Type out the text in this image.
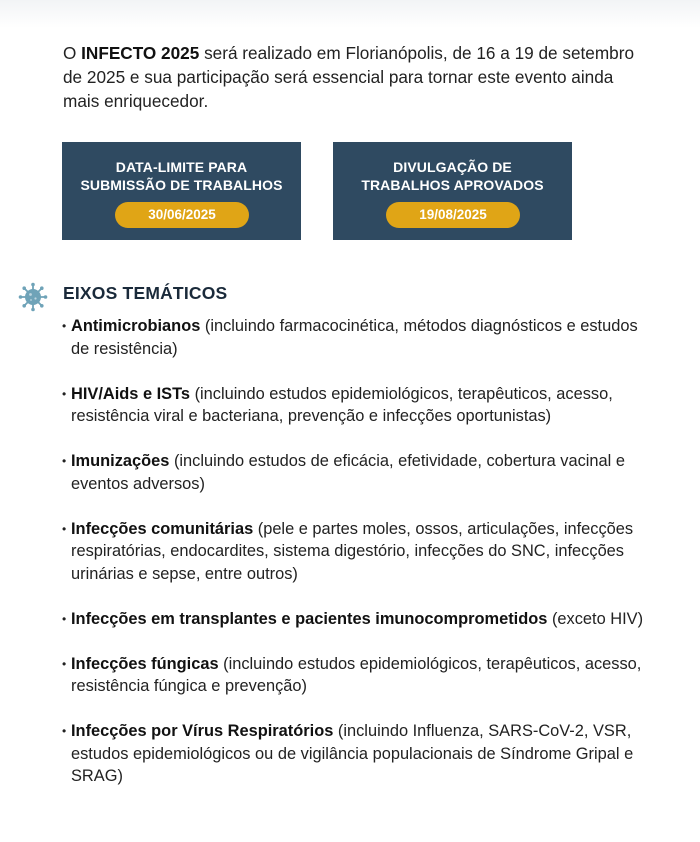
O INFECTO 2025 será realizado em Florianópolis, de 16 a 19 de setembro de 2025 e sua participação será essencial para tornar este evento ainda mais enriquecedor.

DATA-LIMITE PARA
SUBMISSÃO DE TRABALHOS
30/06/2025
DIVULGAÇÃO DE
TRABALHOS APROVADOS
19/08/2025
EIXOS TEMÁTICOS
• Antimicrobianos (incluindo farmacocinética, métodos diagnósticos e estudos de resistência)
• HIV/Aids e ISTs (incluindo estudos epidemiológicos, terapêuticos, acesso, resistência viral e bacteriana, prevenção e infecções oportunistas)
• Imunizações (incluindo estudos de eficácia, efetividade, cobertura vacinal e eventos adversos)
• Infecções comunitárias (pele e partes moles, ossos, articulações, infecções respiratórias, endocardites, sistema digestório, infecções do SNC, infecções urinárias e sepse, entre outros)
• Infecções em transplantes e pacientes imunocomprometidos (exceto HIV)
• Infecções fúngicas (incluindo estudos epidemiológicos, terapêuticos, acesso, resistência fúngica e prevenção)
• Infecções por Vírus Respiratórios (incluindo Influenza, SARS-CoV-2, VSR, estudos epidemiológicos ou de vigilância populacionais de Síndrome Gripal e SRAG)
